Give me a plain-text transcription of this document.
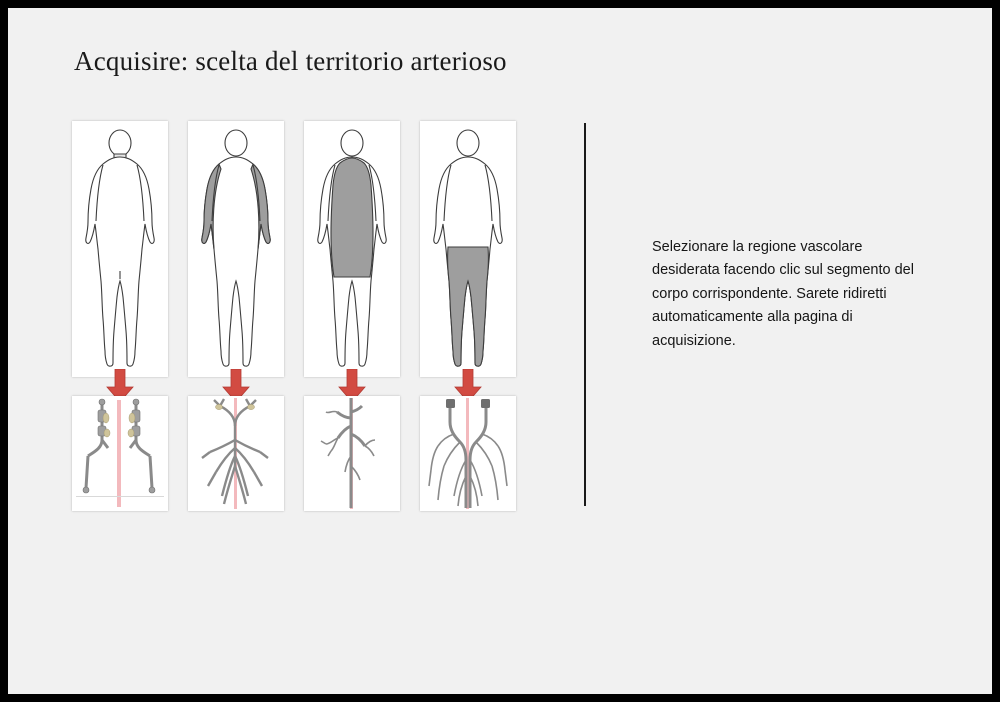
Acquisire: scelta del territorio arterioso
Selezionare la regione vascolare desiderata facendo clic sul segmento del corpo corrispondente. Sarete ridiretti automaticamente alla pagina di acquisizione.
